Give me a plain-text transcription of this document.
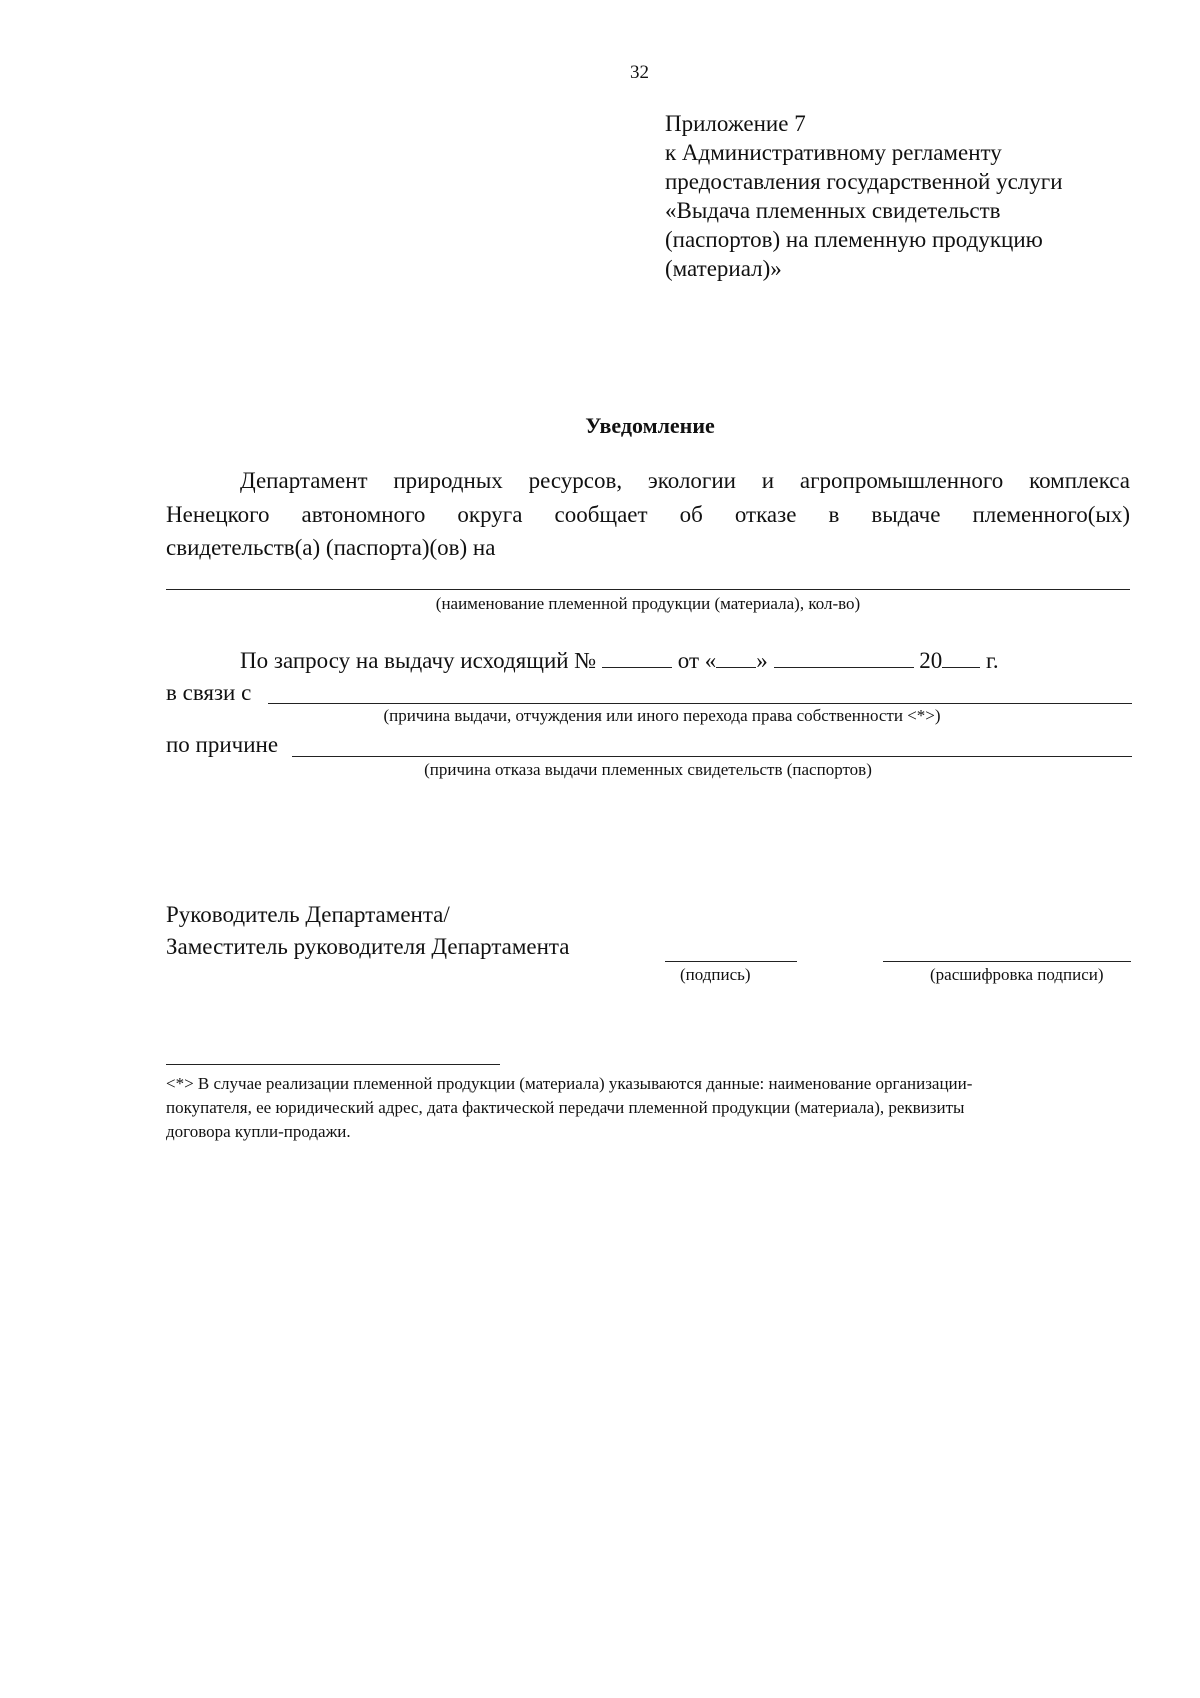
32
Приложение 7
к Административному регламенту
предоставления государственной услуги
«Выдача племенных свидетельств
(паспортов) на племенную продукцию
(материал)»
Уведомление
Департамент природных ресурсов, экологии и агропромышленного комплекса
Ненецкого автономного округа сообщает об отказе в выдаче племенного(ых)
свидетельств(а) (паспорта)(ов) на
(наименование племенной продукции (материала), кол-во)
По запросу на выдачу исходящий №	от « »	20 г.
в связи с
(причина выдачи, отчуждения или иного перехода права собственности <*>)
по причине
(причина отказа выдачи племенных свидетельств (паспортов)
Руководитель Департамента/
Заместитель руководителя Департамента
(подпись)	(расшифровка подписи)
<*> В случае реализации племенной продукции (материала) указываются данные: наименование организации-
покупателя, ее юридический адрес, дата фактической передачи племенной продукции (материала), реквизиты
договора купли-продажи.
